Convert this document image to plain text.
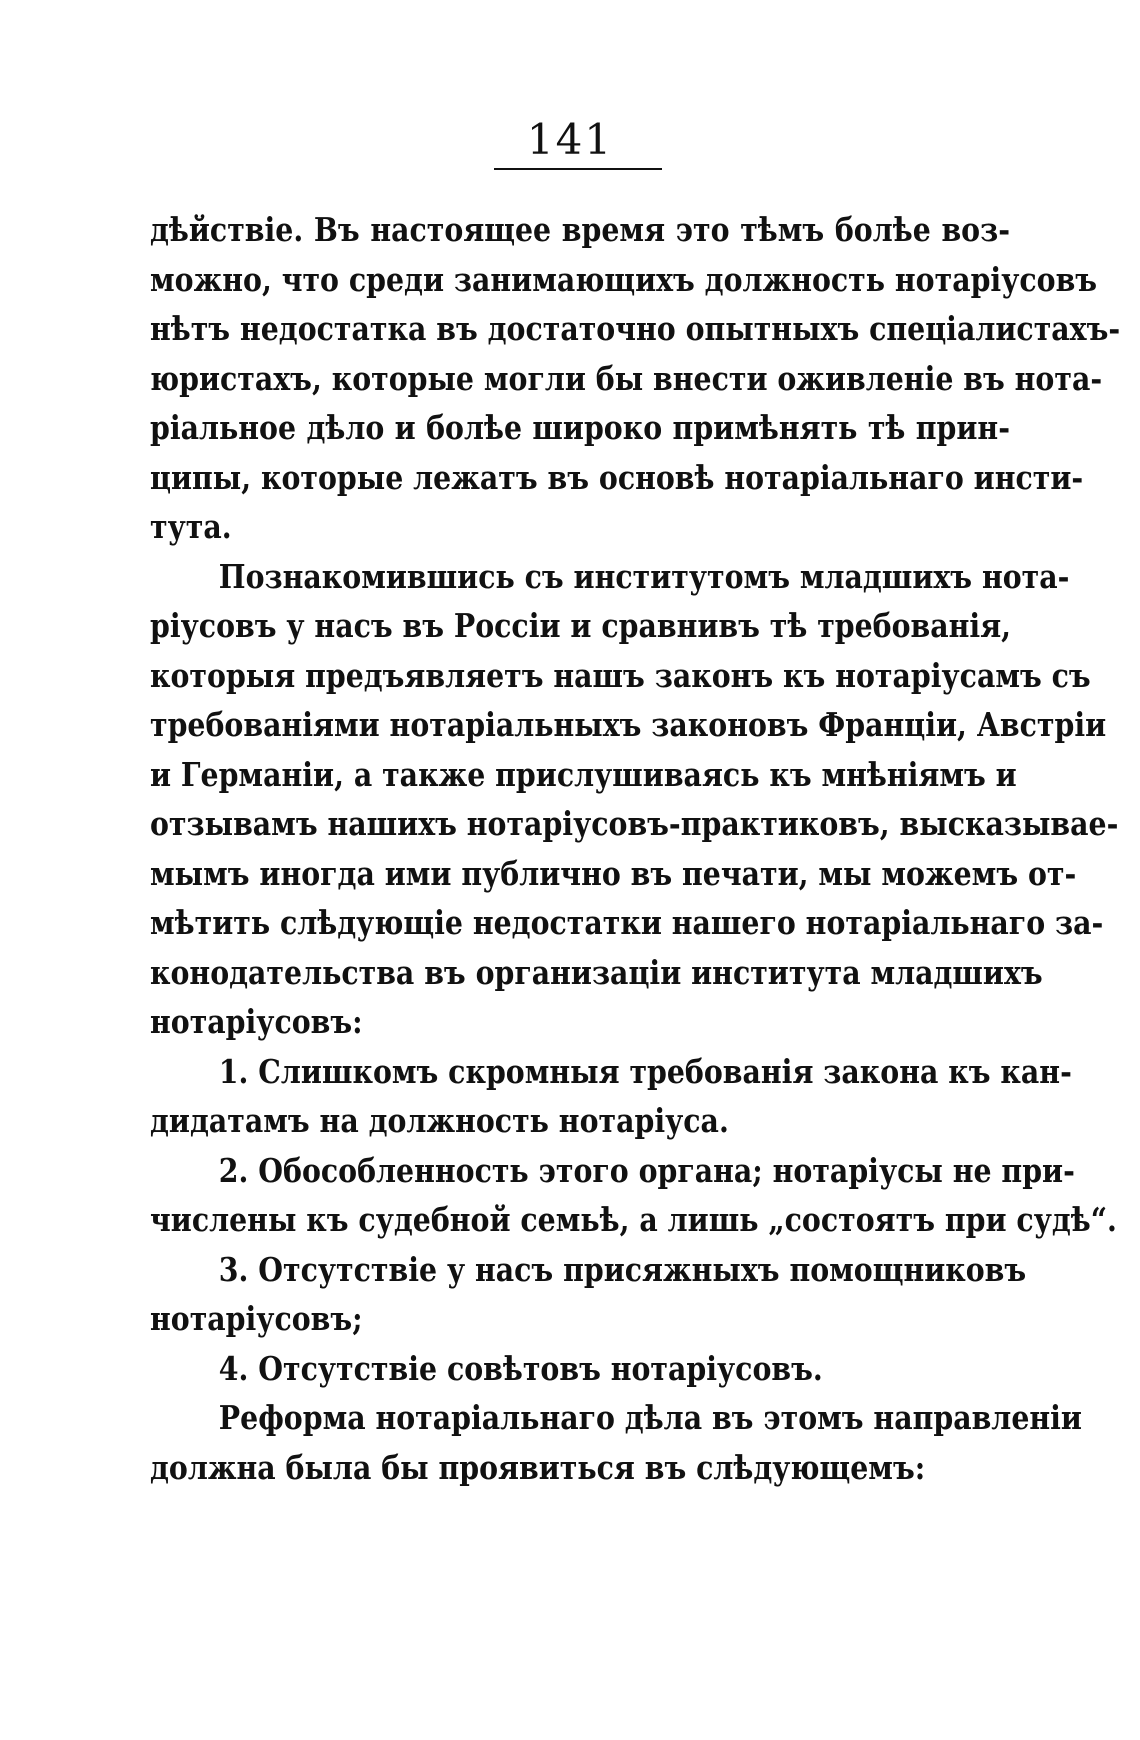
141
дѣйствіе. Въ настоящее время это тѣмъ болѣе воз-
можно, что среди занимающихъ должность нотаріусовъ
нѣтъ недостатка въ достаточно опытныхъ спеціалистахъ-
юристахъ, которые могли бы внести оживленіе въ нота-
ріальное дѣло и болѣе широко примѣнять тѣ прин-
ципы, которые лежатъ въ основѣ нотаріальнаго инсти-
тута.
Познакомившись съ институтомъ младшихъ нота-
ріусовъ у насъ въ Россіи и сравнивъ тѣ требованія,
которыя предъявляетъ нашъ законъ къ нотаріусамъ съ
требованіями нотаріальныхъ законовъ Франціи, Австріи
и Германіи, а также прислушиваясь къ мнѣніямъ и
отзывамъ нашихъ нотаріусовъ-практиковъ, высказывае-
мымъ иногда ими публично въ печати, мы можемъ от-
мѣтить слѣдующіе недостатки нашего нотаріальнаго за-
конодательства въ организаціи института младшихъ
нотаріусовъ:
1. Слишкомъ скромныя требованія закона къ кан-
дидатамъ на должность нотаріуса.
2. Обособленность этого органа; нотаріусы не при-
числены къ судебной семьѣ, а лишь „состоятъ при судѣ“.
3. Отсутствіе у насъ присяжныхъ помощниковъ
нотаріусовъ;
4. Отсутствіе совѣтовъ нотаріусовъ.
Реформа нотаріальнаго дѣла въ этомъ направленіи
должна была бы проявиться въ слѣдующемъ:
